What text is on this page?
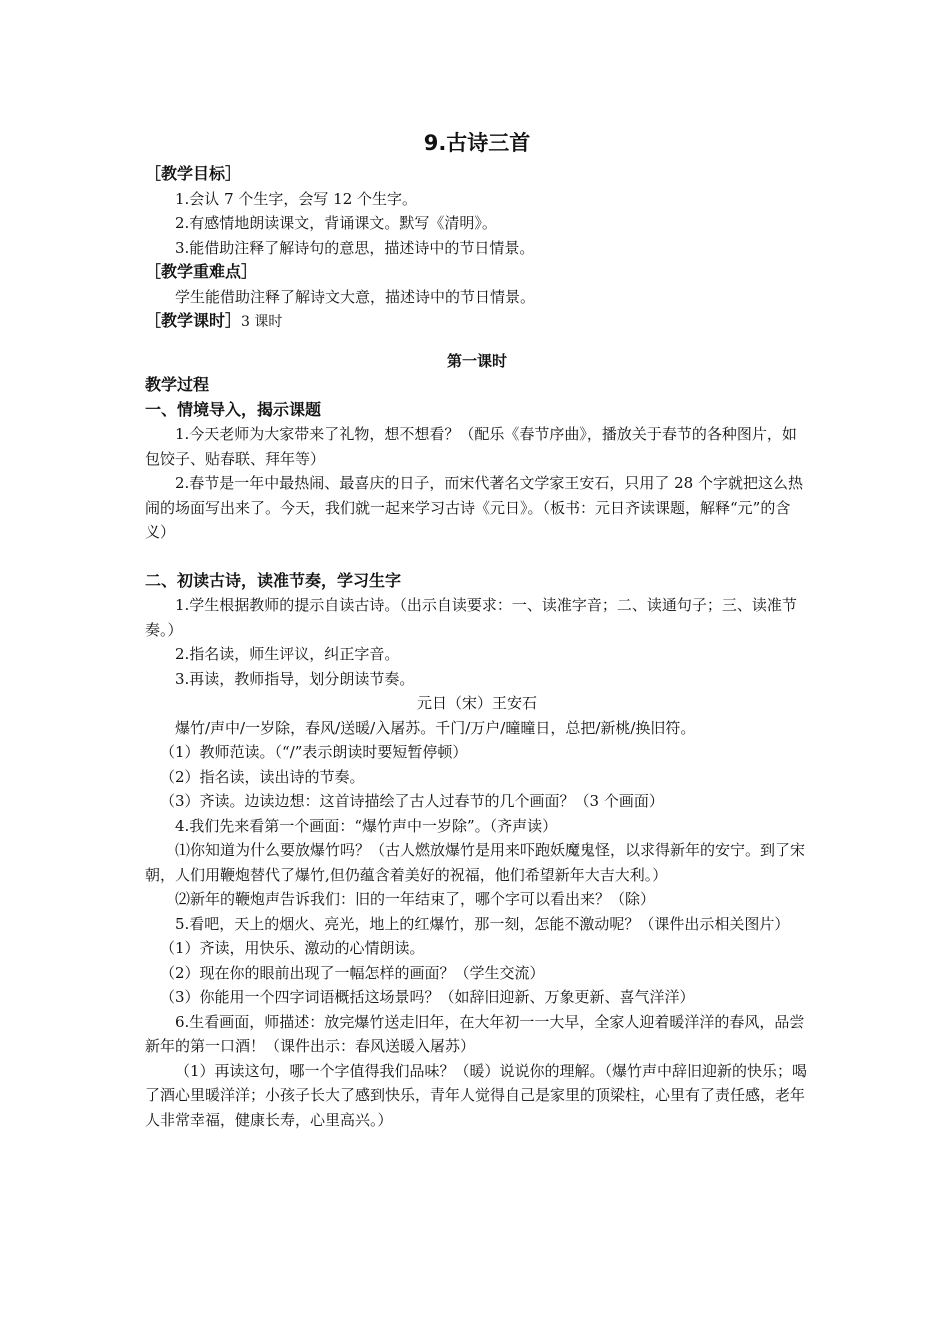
9.古诗三首
［教学目标］

1.会认 7 个生字，会写 12 个生字。

2.有感情地朗读课文，背诵课文。默写《清明》。

3.能借助注释了解诗句的意思，描述诗中的节日情景。

［教学重难点］

学生能借助注释了解诗文大意，描述诗中的节日情景。

［教学课时］3 课时
第一课时
教学过程
一、情境导入，揭示课题

1.今天老师为大家带来了礼物，想不想看？（配乐《春节序曲》，播放关于春节的各种图片，如包饺子、贴春联、拜年等）

2.春节是一年中最热闹、最喜庆的日子，而宋代著名文学家王安石，只用了 28 个字就把这么热闹的场面写出来了。今天，我们就一起来学习古诗《元日》。（板书：元日齐读课题，解释“元”的含义）

二、初读古诗，读准节奏，学习生字

1.学生根据教师的提示自读古诗。（出示自读要求：一、读准字音；二、读通句子；三、读准节奏。）

2.指名读，师生评议，纠正字音。

3.再读，教师指导，划分朗读节奏。

元日（宋）王安石

爆竹/声中/一岁除，春风/送暖/入屠苏。千门/万户/曈曈日，总把/新桃/换旧符。

（1）教师范读。（“/”表示朗读时要短暂停顿）

（2）指名读，读出诗的节奏。

（3）齐读。边读边想：这首诗描绘了古人过春节的几个画面？（3 个画面）

4.我们先来看第一个画面：“爆竹声中一岁除”。（齐声读）

⑴你知道为什么要放爆竹吗？（古人燃放爆竹是用来吓跑妖魔鬼怪，以求得新年的安宁。到了宋朝，人们用鞭炮替代了爆竹,但仍蕴含着美好的祝福，他们希望新年大吉大利。）

⑵新年的鞭炮声告诉我们：旧的一年结束了，哪个字可以看出来？（除）

5.看吧，天上的烟火、亮光，地上的红爆竹，那一刻，怎能不激动呢？（课件出示相关图片）

（1）齐读，用快乐、激动的心情朗读。

（2）现在你的眼前出现了一幅怎样的画面？（学生交流）

（3）你能用一个四字词语概括这场景吗？（如辞旧迎新、万象更新、喜气洋洋）

6.生看画面，师描述：放完爆竹送走旧年，在大年初一一大早，全家人迎着暖洋洋的春风，品尝新年的第一口酒！（课件出示：春风送暖入屠苏）

（1）再读这句，哪一个字值得我们品味？（暖）说说你的理解。（爆竹声中辞旧迎新的快乐；喝了酒心里暖洋洋；小孩子长大了感到快乐，青年人觉得自己是家里的顶梁柱，心里有了责任感，老年人非常幸福，健康长寿，心里高兴。）
